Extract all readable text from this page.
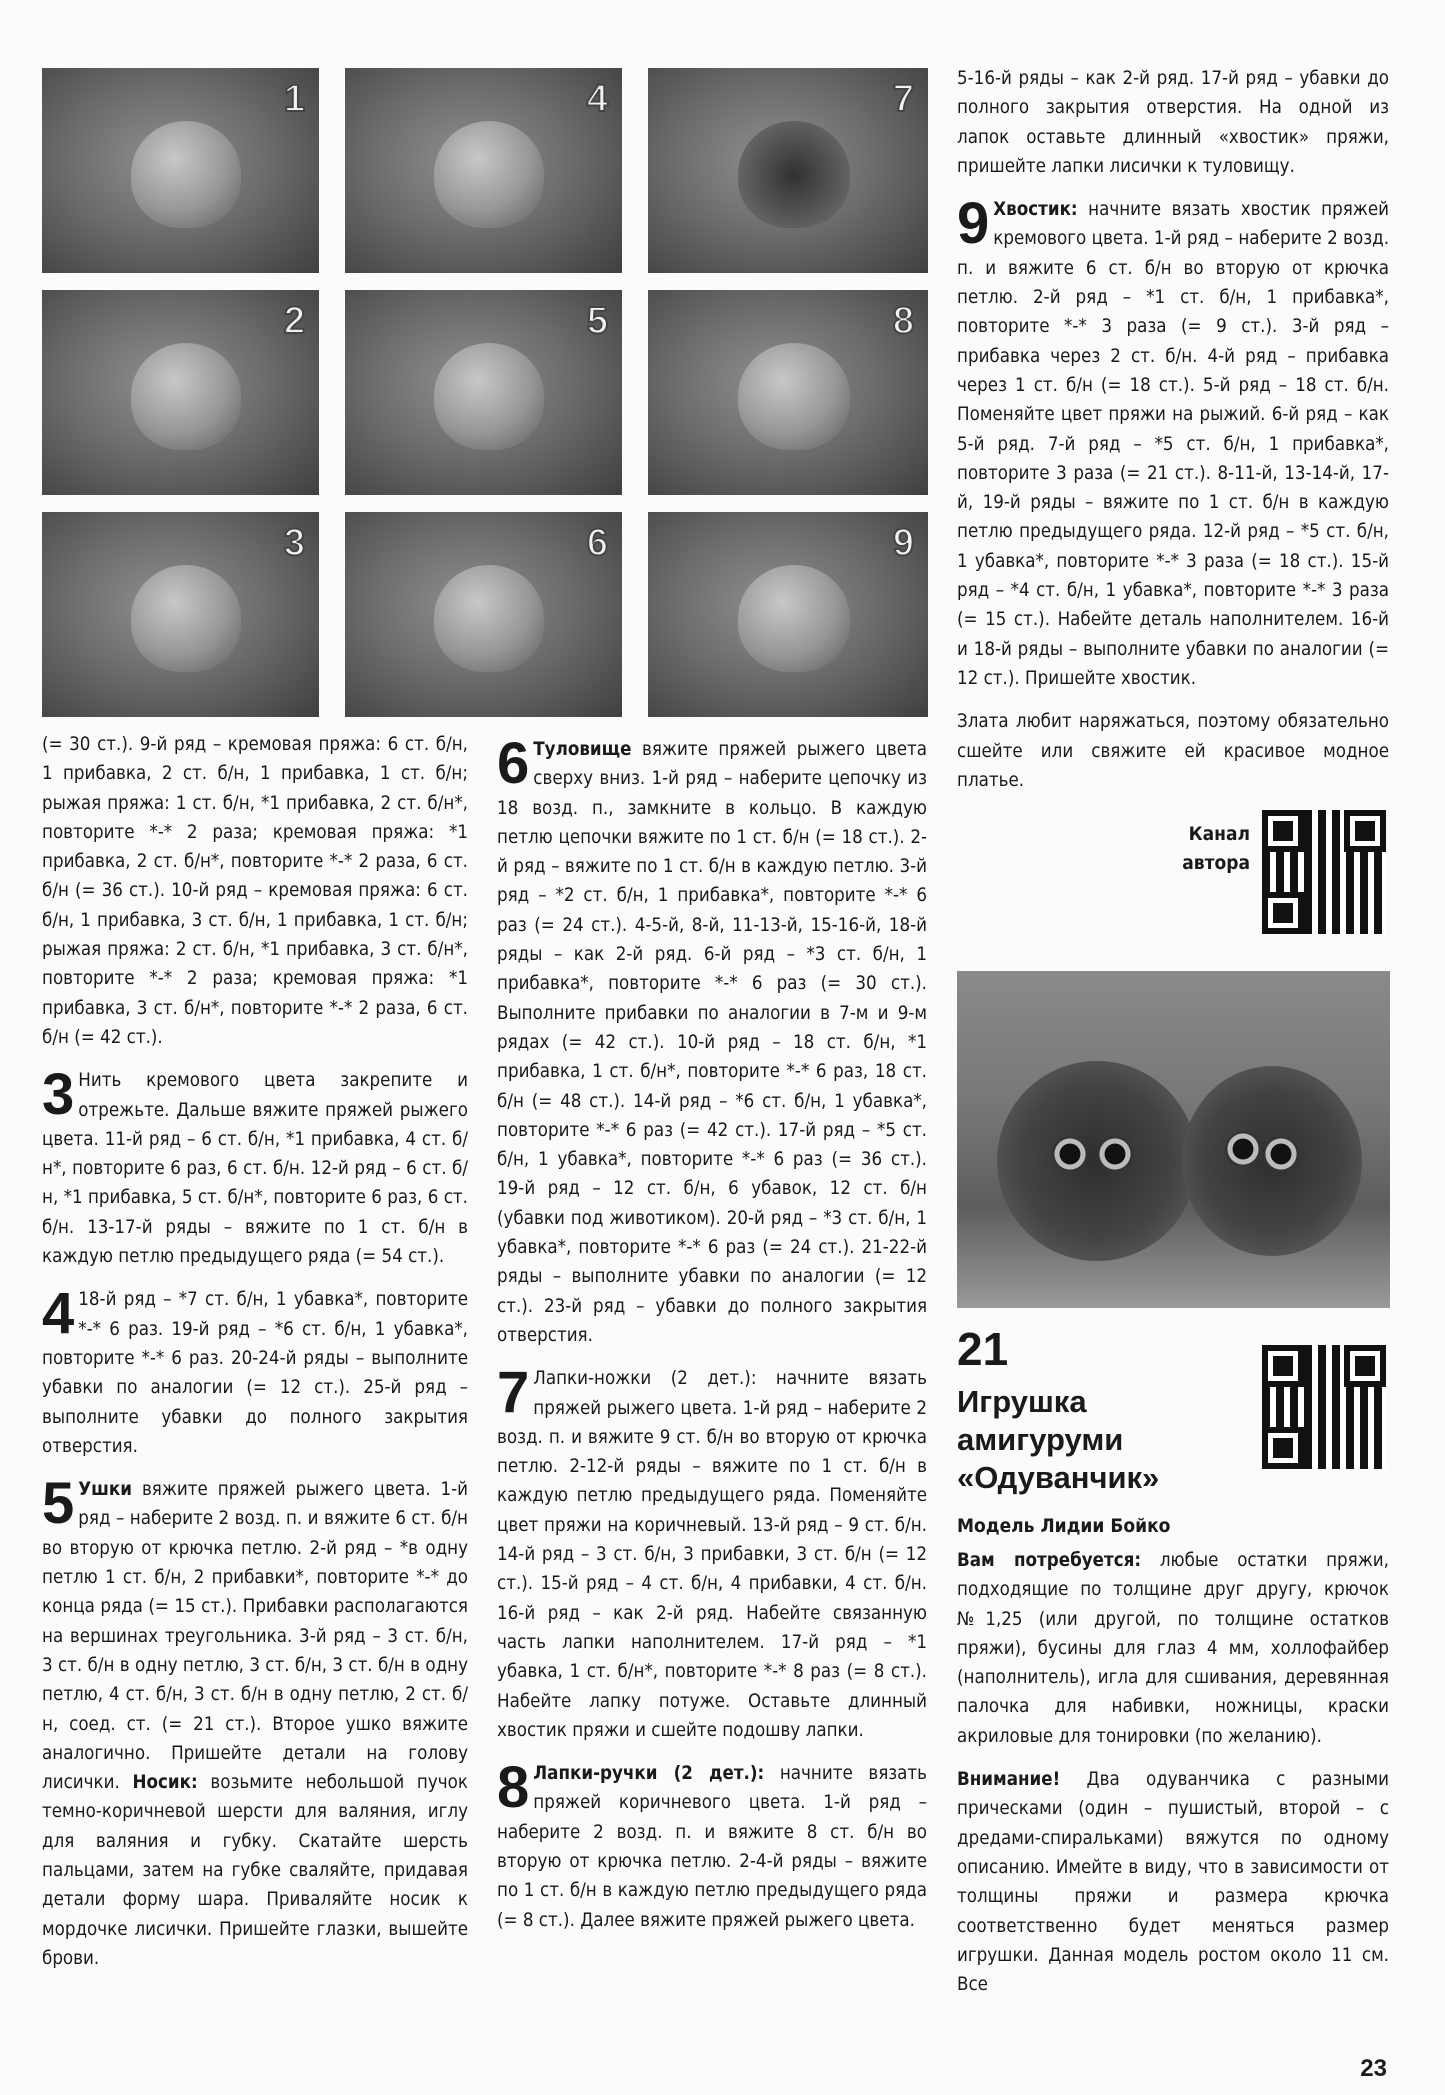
1	4	7
2	5	8
3	6	9

(= 30 ст.). 9-й ряд – кремовая пряжа: 6 ст. б/н, 1 прибавка, 2 ст. б/н, 1 прибавка, 1 ст. б/н; рыжая пряжа: 1 ст. б/н, *1 прибавка, 2 ст. б/н*, повторите *-* 2 раза; кремовая пряжа: *1 прибавка, 2 ст. б/н*, повторите *-* 2 раза, 6 ст. б/н (= 36 ст.). 10-й ряд – кремовая пряжа: 6 ст. б/н, 1 прибавка, 3 ст. б/н, 1 прибавка, 1 ст. б/н; рыжая пряжа: 2 ст. б/н, *1 прибавка, 3 ст. б/н*, повторите *-* 2 раза; кремовая пряжа: *1 прибавка, 3 ст. б/н*, повторите *-* 2 раза, 6 ст. б/н (= 42 ст.).

3 Нить кремового цвета закрепите и отрежьте. Дальше вяжите пряжей рыжего цвета. 11-й ряд – 6 ст. б/н, *1 прибавка, 4 ст. б/н*, повторите 6 раз, 6 ст. б/н. 12-й ряд – 6 ст. б/н, *1 прибавка, 5 ст. б/н*, повторите 6 раз, 6 ст. б/н. 13-17-й ряды – вяжите по 1 ст. б/н в каждую петлю предыдущего ряда (= 54 ст.).

4 18-й ряд – *7 ст. б/н, 1 убавка*, повторите *-* 6 раз. 19-й ряд – *6 ст. б/н, 1 убавка*, повторите *-* 6 раз. 20-24-й ряды – выполните убавки по аналогии (= 12 ст.). 25-й ряд – выполните убавки до полного закрытия отверстия.

5 Ушки вяжите пряжей рыжего цвета. 1-й ряд – наберите 2 возд. п. и вяжите 6 ст. б/н во вторую от крючка петлю. 2-й ряд – *в одну петлю 1 ст. б/н, 2 прибавки*, повторите *-* до конца ряда (= 15 ст.). Прибавки располагаются на вершинах треугольника. 3-й ряд – 3 ст. б/н, 3 ст. б/н в одну петлю, 3 ст. б/н, 3 ст. б/н в одну петлю, 4 ст. б/н, 3 ст. б/н в одну петлю, 2 ст. б/н, соед. ст. (= 21 ст.). Второе ушко вяжите аналогично. Пришейте детали на голову лисички. Носик: возьмите небольшой пучок темно-коричневой шерсти для валяния, иглу для валяния и губку. Скатайте шерсть пальцами, затем на губке сваляйте, придавая детали форму шара. Приваляйте носик к мордочке лисички. Пришейте глазки, вышейте брови.

6 Туловище вяжите пряжей рыжего цвета сверху вниз. 1-й ряд – наберите цепочку из 18 возд. п., замкните в кольцо. В каждую петлю цепочки вяжите по 1 ст. б/н (= 18 ст.). 2-й ряд – вяжите по 1 ст. б/н в каждую петлю. 3-й ряд – *2 ст. б/н, 1 прибавка*, повторите *-* 6 раз (= 24 ст.). 4-5-й, 8-й, 11-13-й, 15-16-й, 18-й ряды – как 2-й ряд. 6-й ряд – *3 ст. б/н, 1 прибавка*, повторите *-* 6 раз (= 30 ст.). Выполните прибавки по аналогии в 7-м и 9-м рядах (= 42 ст.). 10-й ряд – 18 ст. б/н, *1 прибавка, 1 ст. б/н*, повторите *-* 6 раз, 18 ст. б/н (= 48 ст.). 14-й ряд – *6 ст. б/н, 1 убавка*, повторите *-* 6 раз (= 42 ст.). 17-й ряд – *5 ст. б/н, 1 убавка*, повторите *-* 6 раз (= 36 ст.). 19-й ряд – 12 ст. б/н, 6 убавок, 12 ст. б/н (убавки под животиком). 20-й ряд – *3 ст. б/н, 1 убавка*, повторите *-* 6 раз (= 24 ст.). 21-22-й ряды – выполните убавки по аналогии (= 12 ст.). 23-й ряд – убавки до полного закрытия отверстия.

7 Лапки-ножки (2 дет.): начните вязать пряжей рыжего цвета. 1-й ряд – наберите 2 возд. п. и вяжите 9 ст. б/н во вторую от крючка петлю. 2-12-й ряды – вяжите по 1 ст. б/н в каждую петлю предыдущего ряда. Поменяйте цвет пряжи на коричневый. 13-й ряд – 9 ст. б/н. 14-й ряд – 3 ст. б/н, 3 прибавки, 3 ст. б/н (= 12 ст.). 15-й ряд – 4 ст. б/н, 4 прибавки, 4 ст. б/н. 16-й ряд – как 2-й ряд. Набейте связанную часть лапки наполнителем. 17-й ряд – *1 убавка, 1 ст. б/н*, повторите *-* 8 раз (= 8 ст.). Набейте лапку потуже. Оставьте длинный хвостик пряжи и сшейте подошву лапки.

8 Лапки-ручки (2 дет.): начните вязать пряжей коричневого цвета. 1-й ряд – наберите 2 возд. п. и вяжите 8 ст. б/н во вторую от крючка петлю. 2-4-й ряды – вяжите по 1 ст. б/н в каждую петлю предыдущего ряда (= 8 ст.). Далее вяжите пряжей рыжего цвета.

5-16-й ряды – как 2-й ряд. 17-й ряд – убавки до полного закрытия отверстия. На одной из лапок оставьте длинный «хвостик» пряжи, пришейте лапки лисички к туловищу.

9 Хвостик: начните вязать хвостик пряжей кремового цвета. 1-й ряд – наберите 2 возд. п. и вяжите 6 ст. б/н во вторую от крючка петлю. 2-й ряд – *1 ст. б/н, 1 прибавка*, повторите *-* 3 раза (= 9 ст.). 3-й ряд – прибавка через 2 ст. б/н. 4-й ряд – прибавка через 1 ст. б/н (= 18 ст.). 5-й ряд – 18 ст. б/н. Поменяйте цвет пряжи на рыжий. 6-й ряд – как 5-й ряд. 7-й ряд – *5 ст. б/н, 1 прибавка*, повторите 3 раза (= 21 ст.). 8-11-й, 13-14-й, 17-й, 19-й ряды – вяжите по 1 ст. б/н в каждую петлю предыдущего ряда. 12-й ряд – *5 ст. б/н, 1 убавка*, повторите *-* 3 раза (= 18 ст.). 15-й ряд – *4 ст. б/н, 1 убавка*, повторите *-* 3 раза (= 15 ст.). Набейте деталь наполнителем. 16-й и 18-й ряды – выполните убавки по аналогии (= 12 ст.). Пришейте хвостик.

Злата любит наряжаться, поэтому обязательно сшейте или свяжите ей красивое модное платье.

Канал автора
21
Игрушка амигуруми «Одуванчик»
Модель Лидии Бойко

Вам потребуется: любые остатки пряжи, подходящие по толщине друг другу, крючок №1,25 (или другой, по толщине остатков пряжи), бусины для глаз 4 мм, холлофайбер (наполнитель), игла для сшивания, деревянная палочка для набивки, ножницы, краски акриловые для тонировки (по желанию).

Внимание! Два одуванчика с разными прическами (один – пушистый, второй – с дредами-спиральками) вяжутся по одному описанию. Имейте в виду, что в зависимости от толщины пряжи и размера крючка соответственно будет меняться размер игрушки. Данная модель ростом около 11 см. Все

23
